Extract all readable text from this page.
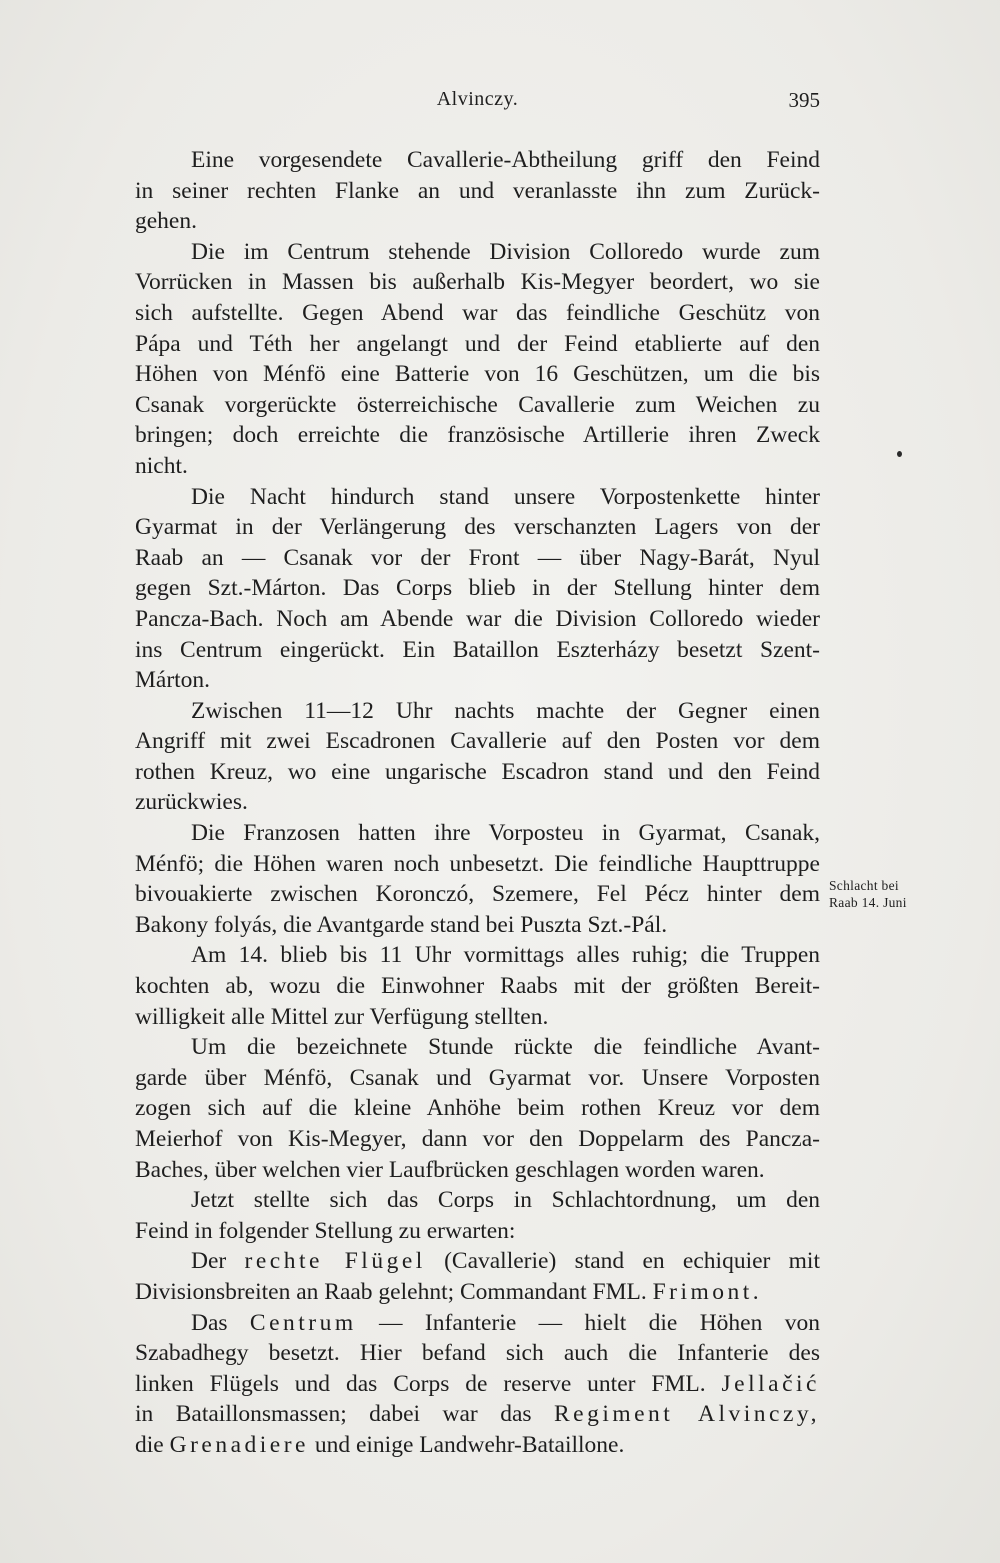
Alvinczy.	395
Eine vorgesendete Cavallerie-Abtheilung griff den Feind
in seiner rechten Flanke an und veranlasste ihn zum Zurück-
gehen.
Die im Centrum stehende Division Colloredo wurde zum
Vorrücken in Massen bis außerhalb Kis-Megyer beordert, wo sie
sich aufstellte. Gegen Abend war das feindliche Geschütz von
Pápa und Téth her angelangt und der Feind etablierte auf den
Höhen von Ménfö eine Batterie von 16 Geschützen, um die bis
Csanak vorgerückte österreichische Cavallerie zum Weichen zu
bringen; doch erreichte die französische Artillerie ihren Zweck
nicht.
Die Nacht hindurch stand unsere Vorpostenkette hinter
Gyarmat in der Verlängerung des verschanzten Lagers von der
Raab an — Csanak vor der Front — über Nagy-Barát, Nyul
gegen Szt.-Márton. Das Corps blieb in der Stellung hinter dem
Pancza-Bach. Noch am Abende war die Division Colloredo wieder
ins Centrum eingerückt. Ein Bataillon Eszterházy besetzt Szent-
Márton.
Zwischen 11—12 Uhr nachts machte der Gegner einen
Angriff mit zwei Escadronen Cavallerie auf den Posten vor dem
rothen Kreuz, wo eine ungarische Escadron stand und den Feind
zurückwies.
Die Franzosen hatten ihre Vorposteu in Gyarmat, Csanak,
Ménfö; die Höhen waren noch unbesetzt. Die feindliche Haupttruppe
bivouakierte zwischen Koronczó, Szemere, Fel Pécz hinter dem
Bakony folyás, die Avantgarde stand bei Puszta Szt.-Pál.
Am 14. blieb bis 11 Uhr vormittags alles ruhig; die Truppen
kochten ab, wozu die Einwohner Raabs mit der größten Bereit-
willigkeit alle Mittel zur Verfügung stellten.
Um die bezeichnete Stunde rückte die feindliche Avant-
garde über Ménfö, Csanak und Gyarmat vor. Unsere Vorposten
zogen sich auf die kleine Anhöhe beim rothen Kreuz vor dem
Meierhof von Kis-Megyer, dann vor den Doppelarm des Pancza-
Baches, über welchen vier Laufbrücken geschlagen worden waren.
Jetzt stellte sich das Corps in Schlachtordnung, um den
Feind in folgender Stellung zu erwarten:
Der rechte Flügel (Cavallerie) stand en echiquier mit
Divisionsbreiten an Raab gelehnt; Commandant FML. Frimont.
Das Centrum — Infanterie — hielt die Höhen von
Szabadhegy besetzt. Hier befand sich auch die Infanterie des
linken Flügels und das Corps de reserve unter FML. Jellačić
in Bataillonsmassen; dabei war das Regiment Alvinczy,
die Grenadiere und einige Landwehr-Bataillone.
Schlacht bei
Raab 14. Juni
